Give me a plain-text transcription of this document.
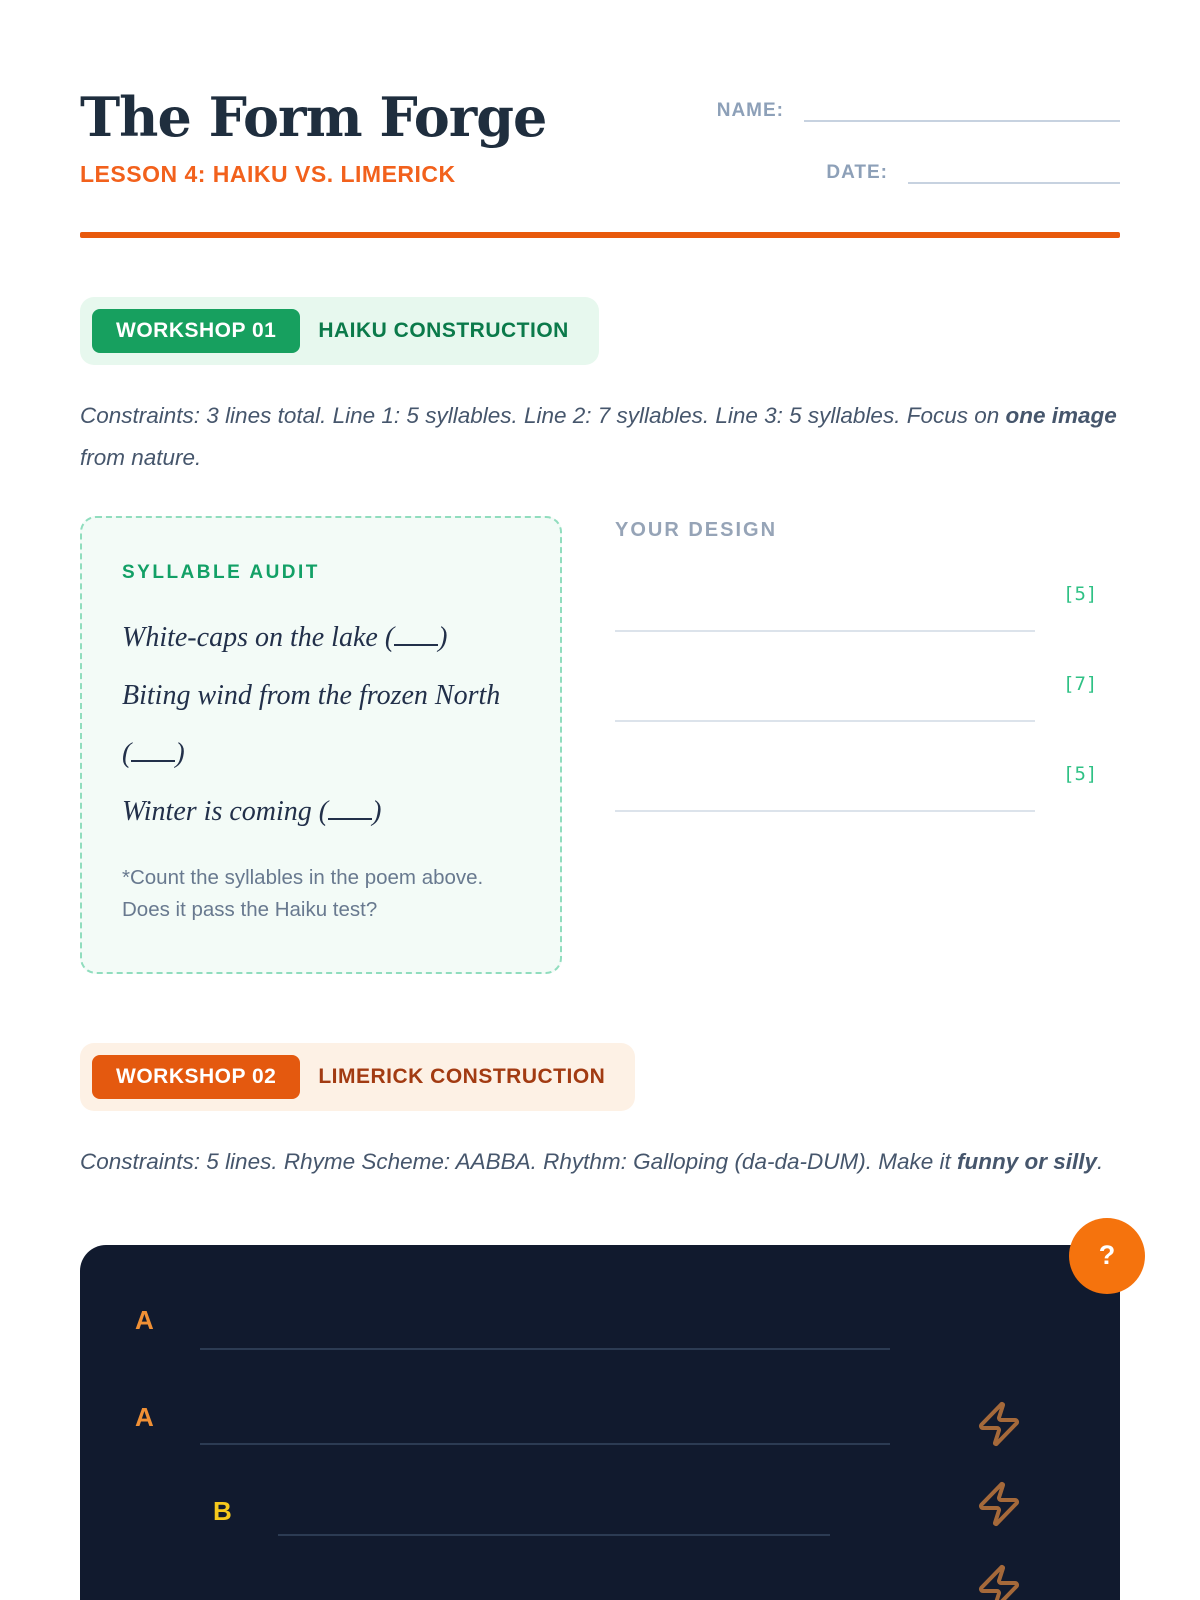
The Form Forge
LESSON 4: HAIKU VS. LIMERICK
NAME:
DATE:
WORKSHOP 01	HAIKU CONSTRUCTION

Constraints: 3 lines total. Line 1: 5 syllables. Line 2: 7 syllables. Line 3: 5 syllables. Focus on one image from nature.

SYLLABLE AUDIT
White-caps on the lake ( )
Biting wind from the frozen North
( )
Winter is coming ( )
*Count the syllables in the poem above. Does it pass the Haiku test?
YOUR DESIGN
[5]
[7]
[5]
WORKSHOP 02	LIMERICK CONSTRUCTION

Constraints: 5 lines. Rhyme Scheme: AABBA. Rhythm: Galloping (da-da-DUM). Make it funny or silly.

?
A
A
B
